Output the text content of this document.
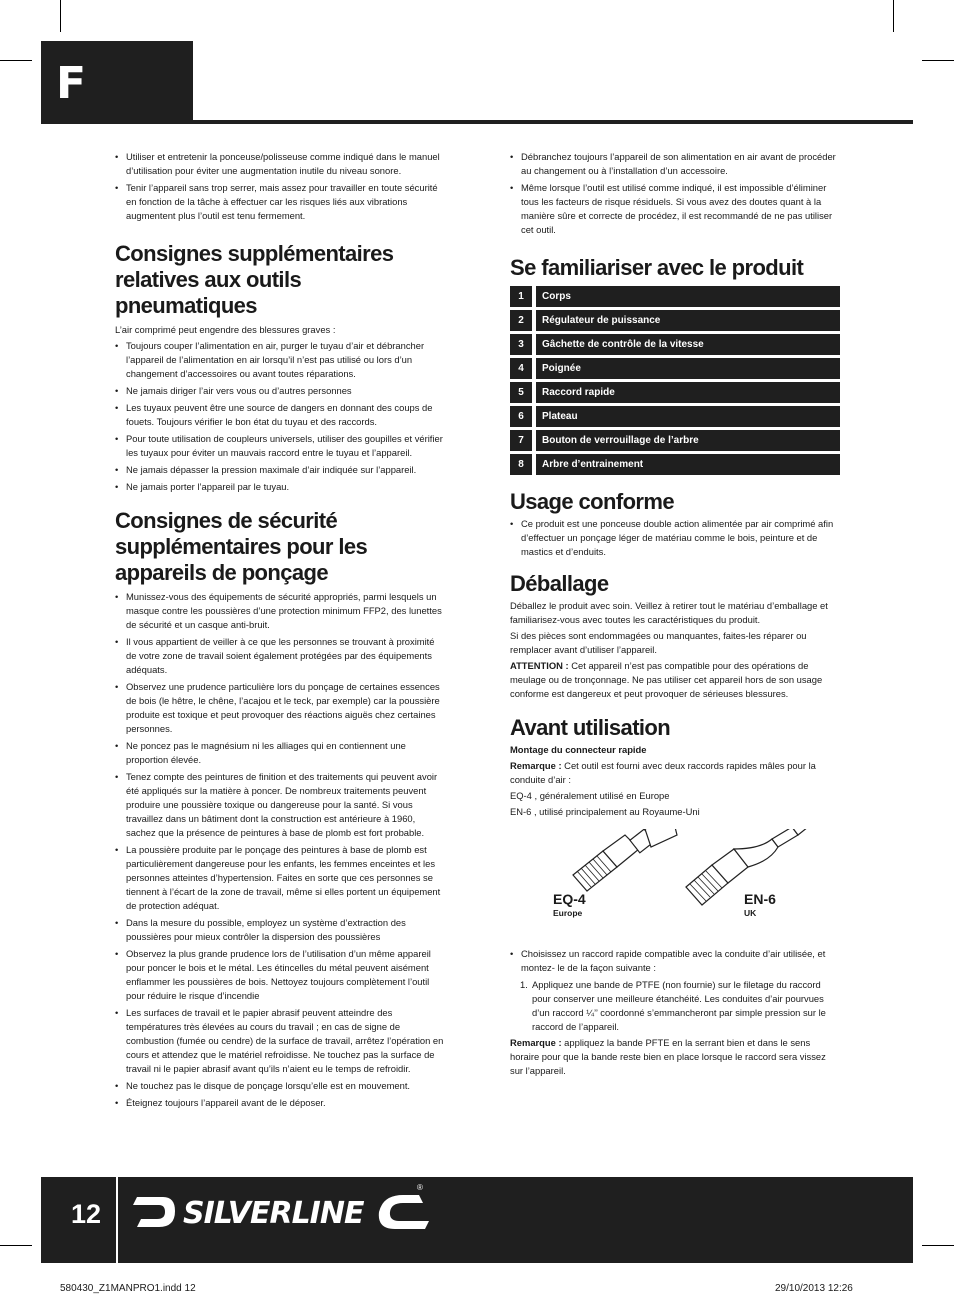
F
• Utiliser et entretenir la ponceuse/polisseuse comme indiqué dans le manuel d’utilisation pour éviter une augmentation inutile du niveau sonore.
• Tenir l’appareil sans trop serrer, mais assez pour travailler en toute sécurité en fonction de la tâche à effectuer car les risques liés aux vibrations augmentent plus l’outil est tenu fermement.
Consignes supplémentaires relatives aux outils pneumatiques

L’air comprimé peut engendre des blessures graves :

• Toujours couper l’alimentation en air, purger le tuyau d’air et débrancher l’appareil de l’alimentation en air lorsqu’il n’est pas utilisé ou lors d’un changement d’accessoires ou avant toutes réparations.
• Ne jamais diriger l’air vers vous ou d’autres personnes
• Les tuyaux peuvent être une source de dangers en donnant des coups de fouets. Toujours vérifier le bon état du tuyau et des raccords.
• Pour toute utilisation de coupleurs universels, utiliser des goupilles et vérifier les tuyaux pour éviter un mauvais raccord entre le tuyau et l’appareil.
• Ne jamais dépasser la pression maximale d’air indiquée sur l’appareil.
• Ne jamais porter l’appareil par le tuyau.
Consignes de sécurité supplémentaires pour les appareils de ponçage
• Munissez-vous des équipements de sécurité appropriés, parmi lesquels un masque contre les poussières d’une protection minimum FFP2, des lunettes de sécurité et un casque anti-bruit.
• Il vous appartient de veiller à ce que les personnes se trouvant à proximité de votre zone de travail soient également protégées par des équipements adéquats.
• Observez une prudence particulière lors du ponçage de certaines essences de bois (le hêtre, le chêne, l’acajou et le teck, par exemple) car la poussière produite est toxique et peut provoquer des réactions aiguës chez certaines personnes.
• Ne poncez pas le magnésium ni les alliages qui en contiennent une proportion élevée.
• Tenez compte des peintures de finition et des traitements qui peuvent avoir été appliqués sur la matière à poncer. De nombreux traitements peuvent produire une poussière toxique ou dangereuse pour la santé. Si vous travaillez dans un bâtiment dont la construction est antérieure à 1960, sachez que la présence de peintures à base de plomb est fort probable.
• La poussière produite par le ponçage des peintures à base de plomb est particulièrement dangereuse pour les enfants, les femmes enceintes et les personnes atteintes d’hypertension. Faites en sorte que ces personnes se tiennent à l’écart de la zone de travail, même si elles portent un équipement de protection adéquat.
• Dans la mesure du possible, employez un système d’extraction des poussières pour mieux contrôler la dispersion des poussières
• Observez la plus grande prudence lors de l’utilisation d’un même appareil pour poncer le bois et le métal. Les étincelles du métal peuvent aisément enflammer les poussières de bois. Nettoyez toujours complètement l’outil pour réduire le risque d’incendie
• Les surfaces de travail et le papier abrasif peuvent atteindre des températures très élevées au cours du travail ; en cas de signe de combustion (fumée ou cendre) de la surface de travail, arrêtez l’opération en cours et attendez que le matériel refroidisse. Ne touchez pas la surface de travail ni le papier abrasif avant qu’ils n’aient eu le temps de refroidir.
• Ne touchez pas le disque de ponçage lorsqu’elle est en mouvement.
• Éteignez toujours l’appareil avant de le déposer.
• Débranchez toujours l’appareil de son alimentation en air avant de procéder au changement ou à l’installation d’un accessoire.
• Même lorsque l’outil est utilisé comme indiqué, il est impossible d’éliminer tous les facteurs de risque résiduels. Si vous avez des doutes quant à la manière sûre et correcte de procédez, il est recommandé de ne pas utiliser cet outil.
Se familiariser avec le produit
1	Corps
2	Régulateur de puissance
3	Gâchette de contrôle de la vitesse
4	Poignée
5	Raccord rapide
6	Plateau
7	Bouton de verrouillage de l’arbre
8	Arbre d’entrainement
Usage conforme
• Ce produit est une ponceuse double action alimentée par air comprimé afin d’effectuer un ponçage léger de matériau comme le bois, peinture et de mastics et d’enduits.
Déballage

Déballez le produit avec soin. Veillez à retirer tout le matériau d’emballage et familiarisez-vous avec toutes les caractéristiques du produit.

Si des pièces sont endommagées ou manquantes, faites-les réparer ou remplacer avant d’utiliser l’appareil.

ATTENTION : Cet appareil n’est pas compatible pour des opérations de meulage ou de tronçonnage. Ne pas utiliser cet appareil hors de son usage conforme est dangereux et peut provoquer de sérieuses blessures.

Avant utilisation

Montage du connecteur rapide

Remarque : Cet outil est fourni avec deux raccords rapides mâles pour la conduite d’air :

EQ-4 , généralement utilisé en Europe

EN-6 , utilisé principalement au Royaume-Uni

EQ-4
Europe
EN-6
UK
• Choisissez un raccord rapide compatible avec la conduite d’air utilisée, et montez- le de la façon suivante :

1. Appliquez une bande de PTFE (non fournie) sur le filetage du raccord pour conserver une meilleure étanchéité. Les conduites d’air pourvues d’un raccord ¼’’ coordonné s’emmancheront par simple pression sur le raccord de l’appareil.

Remarque : appliquez la bande PFTE en la serrant bien et dans le sens horaire pour que la bande reste bien en place lorsque le raccord sera vissez sur l’appareil.

12	SILVERLINE
®
580430_Z1MANPRO1.indd 12	29/10/2013 12:26
